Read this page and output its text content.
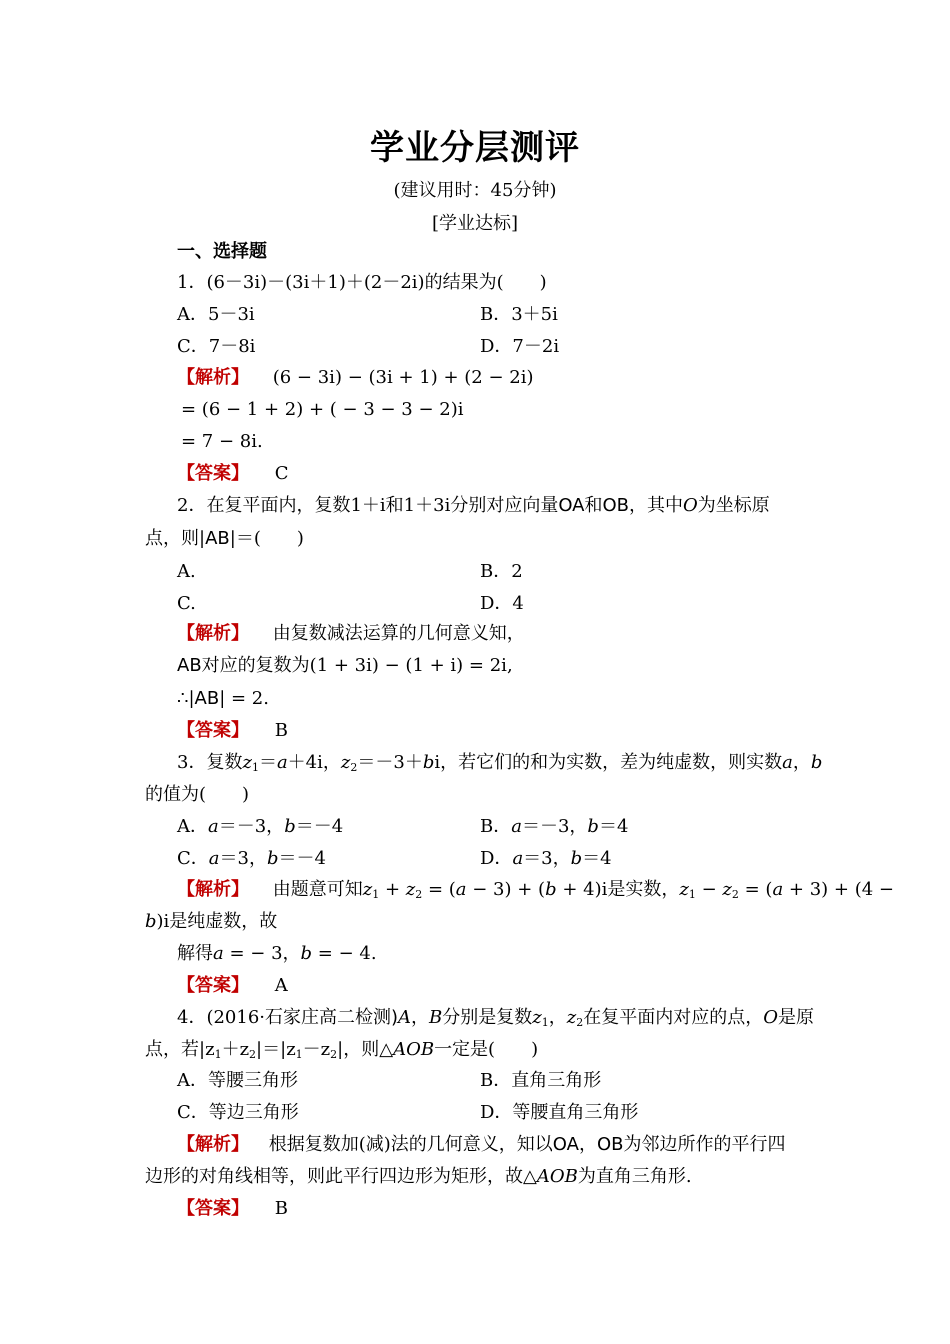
学业分层测评
(建议用时：45分钟)
[学业达标]
一、选择题
1．(6－3i)－(3i＋1)＋(2－2i)的结果为(　　)
A．5－3i	B．3＋5i
C．7－8i	D．7－2i
【解析】 (6 − 3i) − (3i + 1) + (2 − 2i)
= (6 − 1 + 2) + ( − 3 − 3 − 2)i
= 7 − 8i.
【答案】 C
2．在复平面内，复数1＋i和1＋3i分别对应向量OA和OB，其中O为坐标原
点，则|AB|＝(　　)
A.	B．2
C.	D．4
【解析】 由复数减法运算的几何意义知，
AB对应的复数为(1 + 3i) − (1 + i) = 2i,
∴|AB| = 2.
【答案】 B
3．复数$z_1=a+4i$，$z_2=-3+bi$，若它们的和为实数，差为纯虚数，则实数a，b
的值为(　　)
A．a＝－3，b＝－4	B．a＝－3，b＝4
C．a＝3，b＝－4	D．a＝3，b＝4
【解析】 由题意可知$z_1 + z_2 = (a - 3) + (b + 4)i$是实数，$z_1 - z_2 = (a + 3) + (4$ −
b)i是纯虚数，故
解得a = − 3，b = − 4.
【答案】 A
4．(2016·石家庄高二检测)A，B分别是复数$z_1$，$z_2$在复平面内对应的点，O是原
点，若$|z_1+z_2|=|z_1-z_2|$，则△AOB一定是(　　)
A．等腰三角形	B．直角三角形
C．等边三角形	D．等腰直角三角形
【解析】 根据复数加(减)法的几何意义，知以OA，OB为邻边所作的平行四
边形的对角线相等，则此平行四边形为矩形，故△AOB为直角三角形.
【答案】 B
